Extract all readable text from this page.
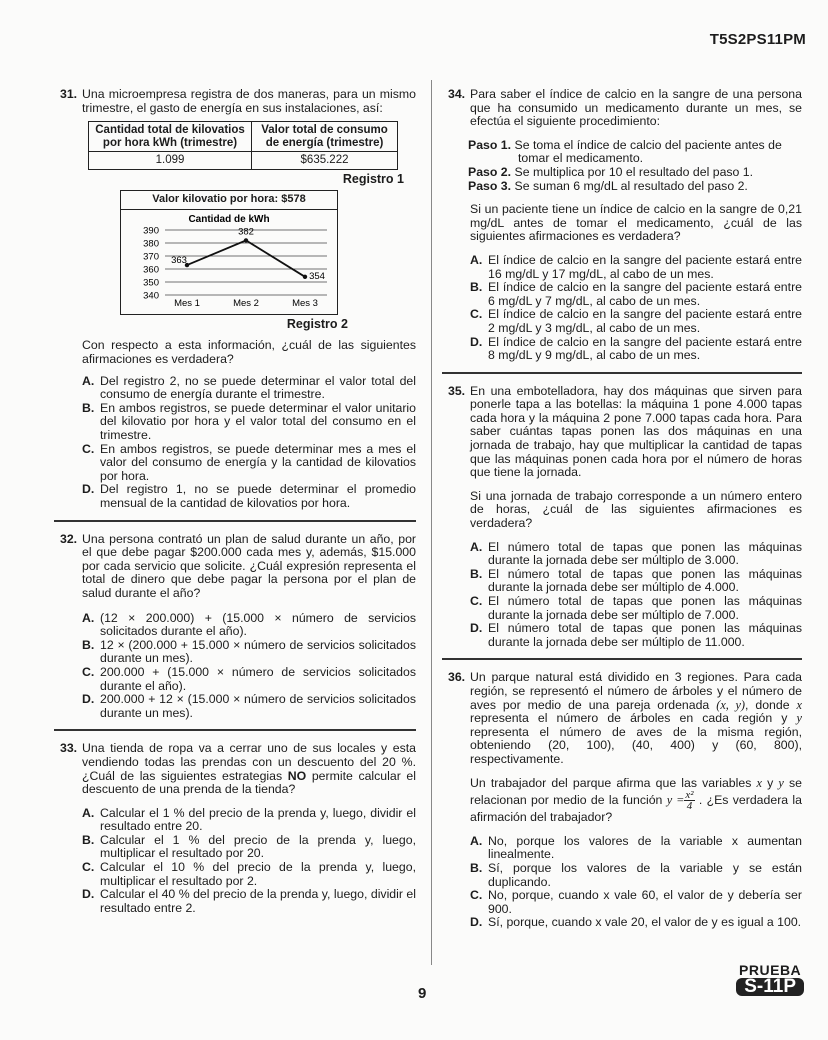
T5S2PS11PM
31. Una microempresa registra de dos maneras, para un mismo trimestre, el gasto de energía en sus instalaciones, así:
Cantidad total de kilovatios por hora kWh (trimestre)	Valor total de consumo de energía (trimestre)
1.099	$635.222
Registro 1
Valor kilovatio por hora: $578
Cantidad de kWh
390
380
370
360
350
340
Mes 1	Mes 2	Mes 3
363
382
354
Registro 2
Con respecto a esta información, ¿cuál de las siguientes afirmaciones es verdadera?
A. Del registro 2, no se puede determinar el valor total del consumo de energía durante el trimestre.
B. En ambos registros, se puede determinar el valor unitario del kilovatio por hora y el valor total del consumo en el trimestre.
C. En ambos registros, se puede determinar mes a mes el valor del consumo de energía y la cantidad de kilovatios por hora.
D. Del registro 1, no se puede determinar el promedio mensual de la cantidad de kilovatios por hora.
32. Una persona contrató un plan de salud durante un año, por el que debe pagar $200.000 cada mes y, además, $15.000 por cada servicio que solicite. ¿Cuál expresión representa el total de dinero que debe pagar la persona por el plan de salud durante el año?
A. (12 × 200.000) + (15.000 × número de servicios solicitados durante el año).
B. 12 × (200.000 + 15.000 × número de servicios solicitados durante un mes).
C. 200.000 + (15.000 × número de servicios solicitados durante el año).
D. 200.000 + 12 × (15.000 × número de servicios solicitados durante un mes).
33. Una tienda de ropa va a cerrar uno de sus locales y esta vendiendo todas las prendas con un descuento del 20 %. ¿Cuál de las siguientes estrategias NO permite calcular el descuento de una prenda de la tienda?
A. Calcular el 1 % del precio de la prenda y, luego, dividir el resultado entre 20.
B. Calcular el 1 % del precio de la prenda y, luego, multiplicar el resultado por 20.
C. Calcular el 10 % del precio de la prenda y, luego, multiplicar el resultado por 2.
D. Calcular el 40 % del precio de la prenda y, luego, dividir el resultado entre 2.
34. Para saber el índice de calcio en la sangre de una persona que ha consumido un medicamento durante un mes, se efectúa el siguiente procedimiento:
Paso 1. Se toma el índice de calcio del paciente antes de tomar el medicamento.
Paso 2. Se multiplica por 10 el resultado del paso 1.
Paso 3. Se suman 6 mg/dL al resultado del paso 2.
Si un paciente tiene un índice de calcio en la sangre de 0,21 mg/dL antes de tomar el medicamento, ¿cuál de las siguientes afirmaciones es verdadera?
A. El índice de calcio en la sangre del paciente estará entre 16 mg/dL y 17 mg/dL, al cabo de un mes.
B. El índice de calcio en la sangre del paciente estará entre 6 mg/dL y 7 mg/dL, al cabo de un mes.
C. El índice de calcio en la sangre del paciente estará entre 2 mg/dL y 3 mg/dL, al cabo de un mes.
D. El índice de calcio en la sangre del paciente estará entre 8 mg/dL y 9 mg/dL, al cabo de un mes.
35. En una embotelladora, hay dos máquinas que sirven para ponerle tapa a las botellas: la máquina 1 pone 4.000 tapas cada hora y la máquina 2 pone 7.000 tapas cada hora. Para saber cuántas tapas ponen las dos máquinas en una jornada de trabajo, hay que multiplicar la cantidad de tapas que las máquinas ponen cada hora por el número de horas que tiene la jornada.
Si una jornada de trabajo corresponde a un número entero de horas, ¿cuál de las siguientes afirmaciones es verdadera?
A. El número total de tapas que ponen las máquinas durante la jornada debe ser múltiplo de 3.000.
B. El número total de tapas que ponen las máquinas durante la jornada debe ser múltiplo de 4.000.
C. El número total de tapas que ponen las máquinas durante la jornada debe ser múltiplo de 7.000.
D. El número total de tapas que ponen las máquinas durante la jornada debe ser múltiplo de 11.000.
36. Un parque natural está dividido en 3 regiones. Para cada región, se representó el número de árboles y el número de aves por medio de una pareja ordenada (x, y), donde x representa el número de árboles en cada región y y representa el número de aves de la misma región, obteniendo (20, 100), (40, 400) y (60, 800), respectivamente.
Un trabajador del parque afirma que las variables x y y se relacionan por medio de la función $y = \frac{\text{x²}}{4}$ . ¿Es verdadera la afirmación del trabajador?
A. No, porque los valores de la variable x aumentan linealmente.
B. Sí, porque los valores de la variable y se están duplicando.
C. No, porque, cuando x vale 60, el valor de y debería ser 900.
D. Sí, porque, cuando x vale 20, el valor de y es igual a 100.
9
PRUEBA
S-11P
